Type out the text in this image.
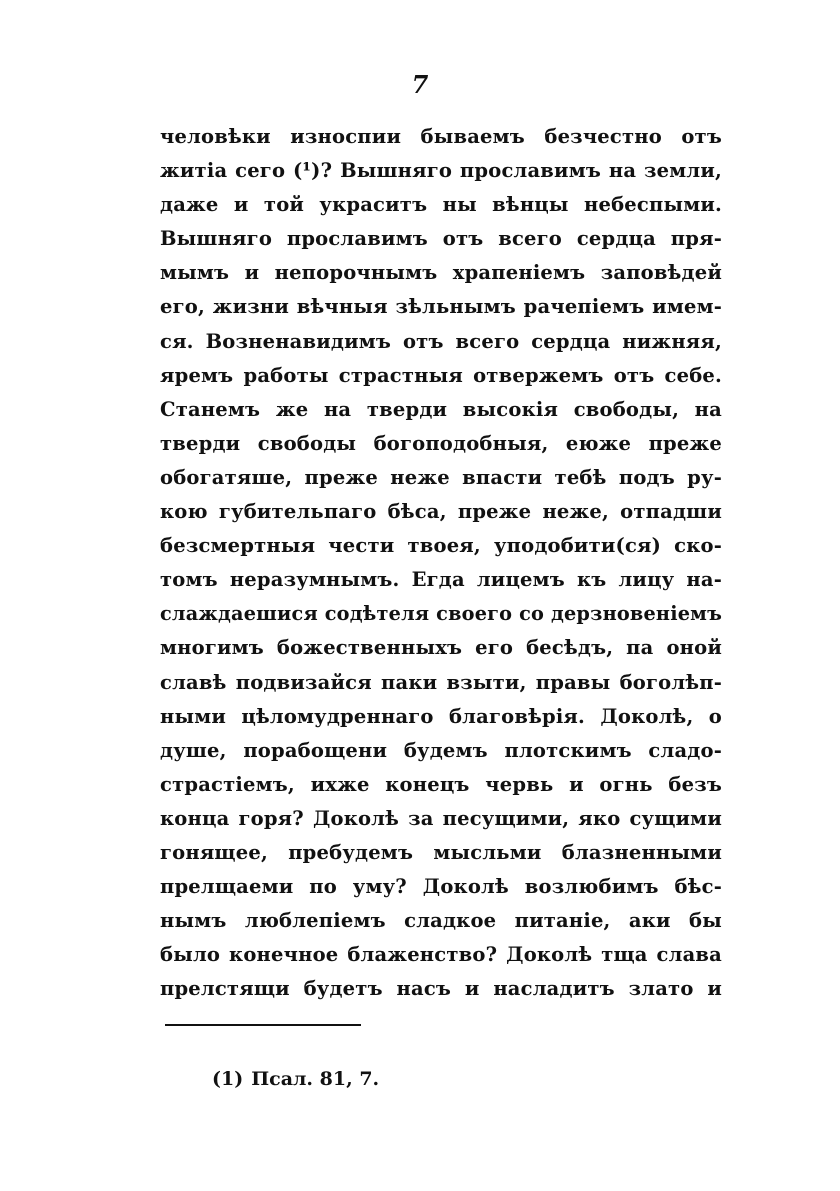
7
человѣки износпии бываемъ безчестно отъ
житіа сего (¹)? Вышняго прославимъ на земли,
даже и той украситъ ны вѣнцы небеспыми.
Вышняго прославимъ отъ всего сердца пря-
мымъ и непорочнымъ храпеніемъ заповѣдей
его, жизни вѣчныя зѣльнымъ рачепіемъ имем-
ся. Возненавидимъ отъ всего сердца нижняя,
яремъ работы страстныя отвержемъ отъ себе.
Станемъ же на тверди высокія свободы, на
тверди свободы богоподобныя, еюже преже
обогатяше, преже неже впасти тебѣ подъ ру-
кою губительпаго бѣса, преже неже, отпадши
безсмертныя чести твоея, уподобити(ся) ско-
томъ неразумнымъ. Егда лицемъ къ лицу на-
слаждаешися содѣтеля своего со дерзновеніемъ
многимъ божественныхъ его бесѣдъ, па оной
славѣ подвизайся паки взыти, правы боголѣп-
ными цѣломудреннаго благовѣрія. Доколѣ, о
душе, порабощени будемъ плотскимъ сладо-
страстіемъ, ихже конецъ червь и огнь безъ
конца горя? Доколѣ за песущими, яко сущими
гонящее, пребудемъ мысльми блазненными
прелщаеми по уму? Доколѣ возлюбимъ бѣс-
нымъ люблепіемъ сладкое питаніе, аки бы
было конечное блаженство? Доколѣ тща слава
прелстящи будетъ насъ и насладитъ злато и
(1) Псал. 81, 7.
